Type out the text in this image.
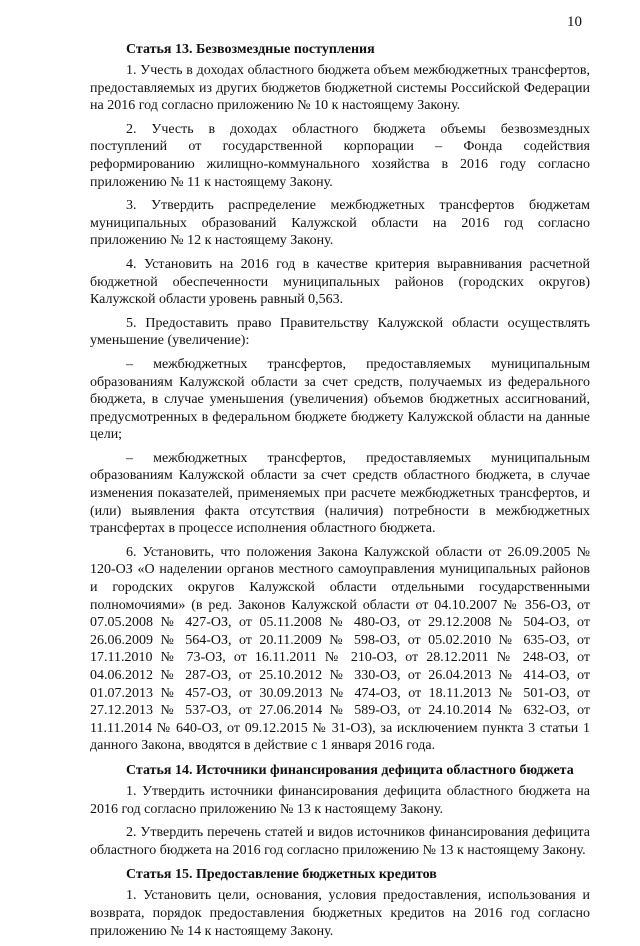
10
Статья 13. Безвозмездные поступления

1. Учесть в доходах областного бюджета объем межбюджетных трансфертов, предоставляемых из других бюджетов бюджетной системы Российской Федерации на 2016 год согласно приложению № 10 к настоящему Закону.

2. Учесть в доходах областного бюджета объемы безвозмездных поступлений от государственной корпорации – Фонда содействия реформированию жилищно-коммунального хозяйства в 2016 году согласно приложению № 11 к настоящему Закону.

3. Утвердить распределение межбюджетных трансфертов бюджетам муниципальных образований Калужской области на 2016 год согласно приложению № 12 к настоящему Закону.

4. Установить на 2016 год в качестве критерия выравнивания расчетной бюджетной обеспеченности муниципальных районов (городских округов) Калужской области уровень равный 0,563.

5. Предоставить право Правительству Калужской области осуществлять уменьшение (увеличение):

– межбюджетных трансфертов, предоставляемых муниципальным образованиям Калужской области за счет средств, получаемых из федерального бюджета, в случае уменьшения (увеличения) объемов бюджетных ассигнований, предусмотренных в федеральном бюджете бюджету Калужской области на данные цели;

– межбюджетных трансфертов, предоставляемых муниципальным образованиям Калужской области за счет средств областного бюджета, в случае изменения показателей, применяемых при расчете межбюджетных трансфертов, и (или) выявления факта отсутствия (наличия) потребности в межбюджетных трансфертах в процессе исполнения областного бюджета.

6. Установить, что положения Закона Калужской области от 26.09.2005 № 120-ОЗ «О наделении органов местного самоуправления муниципальных районов и городских округов Калужской области отдельными государственными полномочиями» (в ред. Законов Калужской области от 04.10.2007 № 356-ОЗ, от 07.05.2008 № 427-ОЗ, от 05.11.2008 № 480-ОЗ, от 29.12.2008 № 504-ОЗ, от 26.06.2009 № 564-ОЗ, от 20.11.2009 № 598-ОЗ, от 05.02.2010 № 635-ОЗ, от 17.11.2010 № 73-ОЗ, от 16.11.2011 № 210-ОЗ, от 28.12.2011 № 248-ОЗ, от 04.06.2012 № 287-ОЗ, от 25.10.2012 № 330-ОЗ, от 26.04.2013 № 414-ОЗ, от 01.07.2013 № 457-ОЗ, от 30.09.2013 № 474-ОЗ, от 18.11.2013 № 501-ОЗ, от 27.12.2013 № 537-ОЗ, от 27.06.2014 № 589-ОЗ, от 24.10.2014 № 632-ОЗ, от 11.11.2014 № 640-ОЗ, от 09.12.2015 № 31-ОЗ), за исключением пункта 3 статьи 1 данного Закона, вводятся в действие с 1 января 2016 года.

Статья 14. Источники финансирования дефицита областного бюджета

1. Утвердить источники финансирования дефицита областного бюджета на 2016 год согласно приложению № 13 к настоящему Закону.

2. Утвердить перечень статей и видов источников финансирования дефицита областного бюджета на 2016 год согласно приложению № 13 к настоящему Закону.

Статья 15. Предоставление бюджетных кредитов

1. Установить цели, основания, условия предоставления, использования и возврата, порядок предоставления бюджетных кредитов на 2016 год согласно приложению № 14 к настоящему Закону.
